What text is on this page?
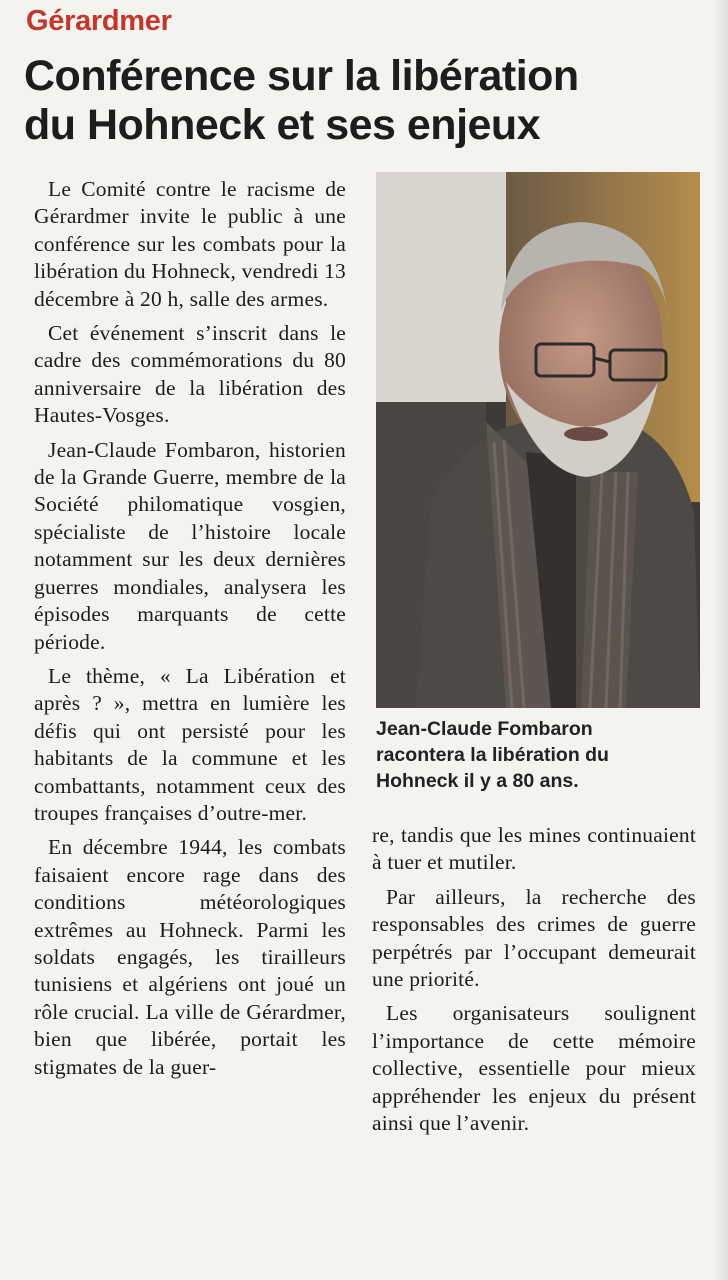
Gérardmer
Conférence sur la libération
du Hohneck et ses enjeux

Le Comité contre le racisme de Gérardmer invite le public à une conférence sur les combats pour la libération du Hohneck, vendredi 13 décembre à 20 h, salle des armes.

Cet événement s’inscrit dans le cadre des commémorations du 80 anniversaire de la libération des Hautes-Vosges.

Jean-Claude Fombaron, historien de la Grande Guerre, membre de la Société philomatique vosgien, spécialiste de l’histoire locale notamment sur les deux dernières guerres mondiales, analysera les épisodes marquants de cette période.

Le thème, « La Libération et après ? », mettra en lumière les défis qui ont persisté pour les habitants de la commune et les combattants, notamment ceux des troupes françaises d’outre-mer.

En décembre 1944, les combats faisaient encore rage dans des conditions météorologiques extrêmes au Hohneck. Parmi les soldats engagés, les tirailleurs tunisiens et algériens ont joué un rôle crucial. La ville de Gérardmer, bien que libérée, portait les stigmates de la guer-

Jean-Claude Fombaron
racontera la libération du
Hohneck il y a 80 ans.

re, tandis que les mines continuaient à tuer et mutiler.

Par ailleurs, la recherche des responsables des crimes de guerre perpétrés par l’occupant demeurait une priorité.

Les organisateurs soulignent l’importance de cette mémoire collective, essentielle pour mieux appréhender les enjeux du présent ainsi que l’avenir.
